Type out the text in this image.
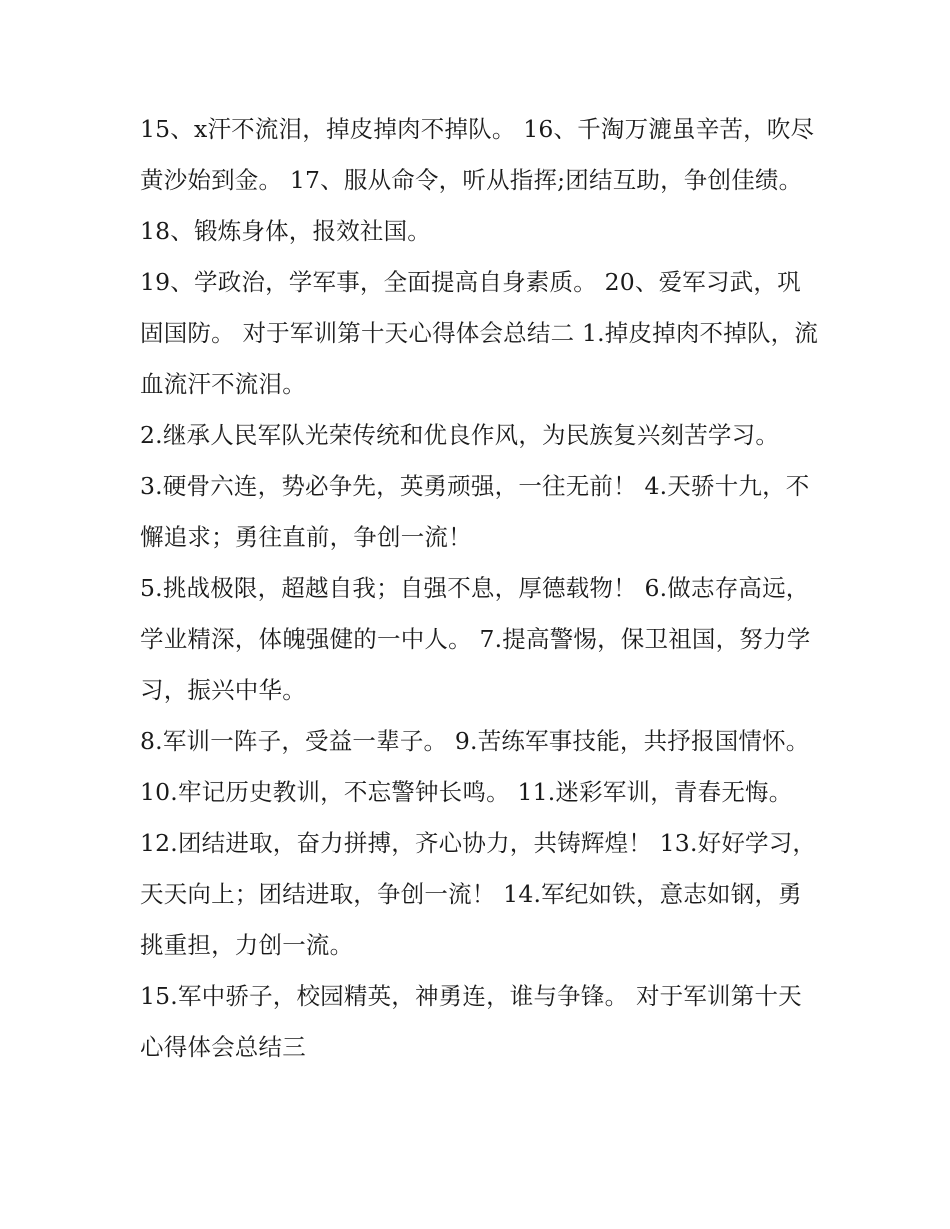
15、x汗不流泪，掉皮掉肉不掉队。 16、千淘万漉虽辛苦，吹尽黄沙始到金。 17、服从命令，听从指挥;团结互助，争创佳绩。 18、锻炼身体，报效社国。

19、学政治，学军事，全面提高自身素质。 20、爱军习武，巩固国防。 对于军训第十天心得体会总结二 1.掉皮掉肉不掉队，流血流汗不流泪。

2.继承人民军队光荣传统和优良作风，为民族复兴刻苦学习。

3.硬骨六连，势必争先，英勇顽强，一往无前！ 4.天骄十九，不懈追求；勇往直前，争创一流！

5.挑战极限，超越自我；自强不息，厚德载物！ 6.做志存高远，学业精深，体魄强健的一中人。 7.提高警惕，保卫祖国，努力学习，振兴中华。

8.军训一阵子，受益一辈子。 9.苦练军事技能，共抒报国情怀。 10.牢记历史教训，不忘警钟长鸣。 11.迷彩军训，青春无悔。

12.团结进取，奋力拼搏，齐心协力，共铸辉煌！ 13.好好学习，天天向上；团结进取，争创一流！ 14.军纪如铁，意志如钢，勇挑重担，力创一流。

15.军中骄子，校园精英，神勇连，谁与争锋。 对于军训第十天心得体会总结三
